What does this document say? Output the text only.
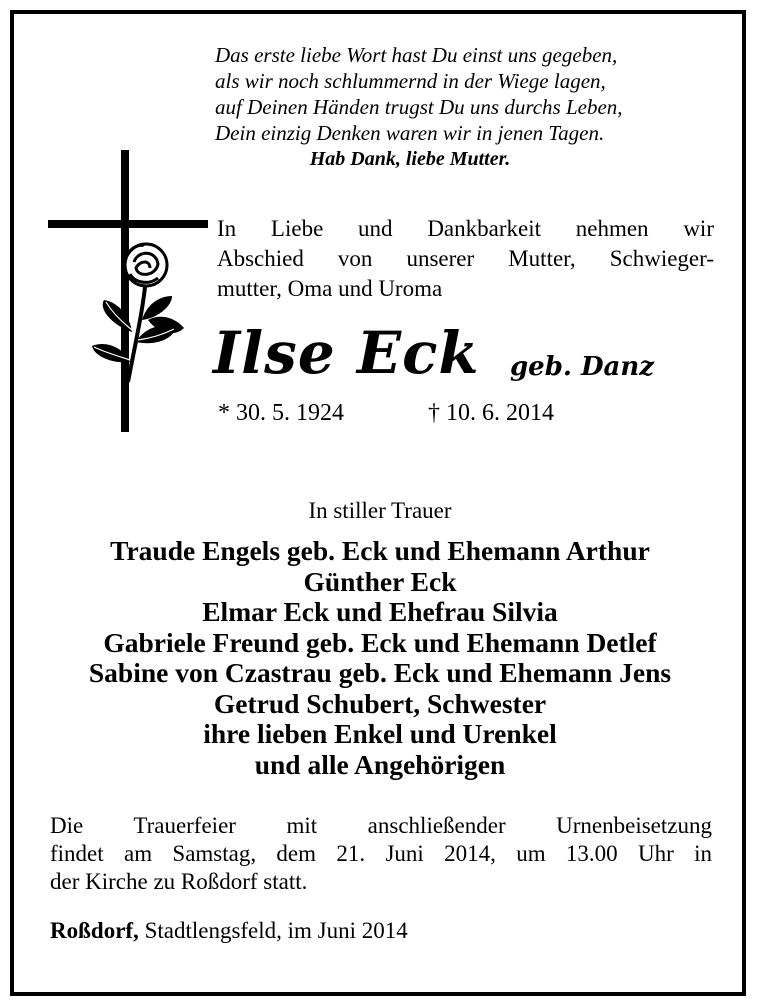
Das erste liebe Wort hast Du einst uns gegeben,
als wir noch schlummernd in der Wiege lagen,
auf Deinen Händen trugst Du uns durchs Leben,
Dein einzig Denken waren wir in jenen Tagen.
Hab Dank, liebe Mutter.
In Liebe und Dankbarkeit nehmen wir
Abschied von unserer Mutter, Schwieger-
mutter, Oma und Uroma
Ilse Eck geb. Danz
* 30. 5. 1924	† 10. 6. 2014
In stiller Trauer
Traude Engels geb. Eck und Ehemann Arthur
Günther Eck
Elmar Eck und Ehefrau Silvia
Gabriele Freund geb. Eck und Ehemann Detlef
Sabine von Czastrau geb. Eck und Ehemann Jens
Getrud Schubert, Schwester
ihre lieben Enkel und Urenkel
und alle Angehörigen
Die Trauerfeier mit anschließender Urnenbeisetzung
findet am Samstag, dem 21. Juni 2014, um 13.00 Uhr in
der Kirche zu Roßdorf statt.
Roßdorf, Stadtlengsfeld, im Juni 2014
